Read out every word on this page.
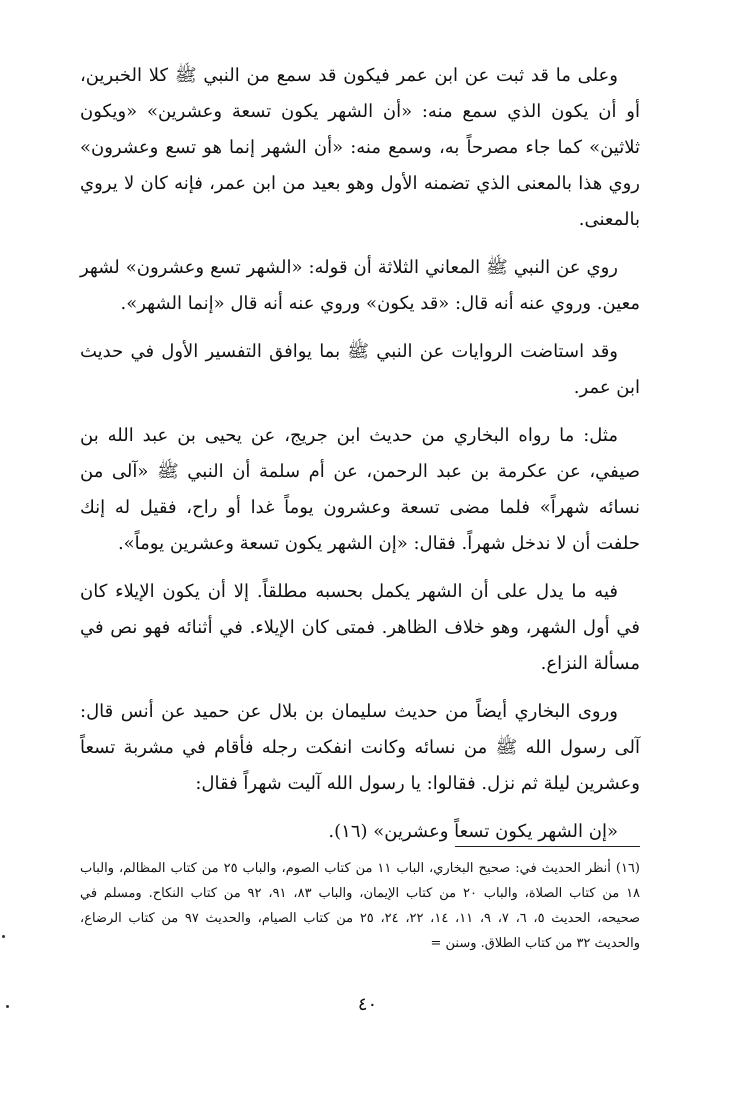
وعلى ما قد ثبت عن ابن عمر فيكون قد سمع من النبي ﷺ كلا الخبرين، أو أن يكون الذي سمع منه: «أن الشهر يكون تسعة وعشرين» «ويكون ثلاثين» كما جاء مصرحاً به، وسمع منه: «أن الشهر إنما هو تسع وعشرون» روي هذا بالمعنى الذي تضمنه الأول وهو بعيد من ابن عمر، فإنه كان لا يروي بالمعنى.

روي عن النبي ﷺ المعاني الثلاثة أن قوله: «الشهر تسع وعشرون» لشهر معين. وروي عنه أنه قال: «قد يكون» وروي عنه أنه قال «إنما الشهر».

وقد استاضت الروايات عن النبي ﷺ بما يوافق التفسير الأول في حديث ابن عمر.

مثل: ما رواه البخاري من حديث ابن جريج، عن يحيى بن عبد الله بن صيفي، عن عكرمة بن عبد الرحمن، عن أم سلمة أن النبي ﷺ «آلى من نسائه شهراً» فلما مضى تسعة وعشرون يوماً غدا أو راح، فقيل له إنك حلفت أن لا ندخل شهراً. فقال: «إن الشهر يكون تسعة وعشرين يوماً».

فيه ما يدل على أن الشهر يكمل بحسبه مطلقاً. إلا أن يكون الإيلاء كان في أول الشهر، وهو خلاف الظاهر. فمتى كان الإيلاء. في أثنائه فهو نص في مسألة النزاع.

وروى البخاري أيضاً من حديث سليمان بن بلال عن حميد عن أنس قال: آلى رسول الله ﷺ من نسائه وكانت انفكت رجله فأقام في مشربة تسعاً وعشرين ليلة ثم نزل. فقالوا: يا رسول الله آليت شهراً فقال:

«إن الشهر يكون تسعاً وعشرين» (١٦).

(١٦) أنظر الحديث في: صحيح البخاري، الباب ١١ من كتاب الصوم، والباب ٢٥ من كتاب المظالم، والباب ١٨ من كتاب الصلاة، والباب ٢٠ من كتاب الإيمان، والباب ٨٣، ٩١، ٩٢ من كتاب النكاح. ومسلم في صحيحه، الحديث ٥، ٦، ٧، ٩، ١١، ١٤، ٢٢، ٢٤، ٢٥ من كتاب الصيام، والحديث ٩٧ من كتاب الرضاع، والحديث ٣٢ من كتاب الطلاق. وسنن =
٤٠
